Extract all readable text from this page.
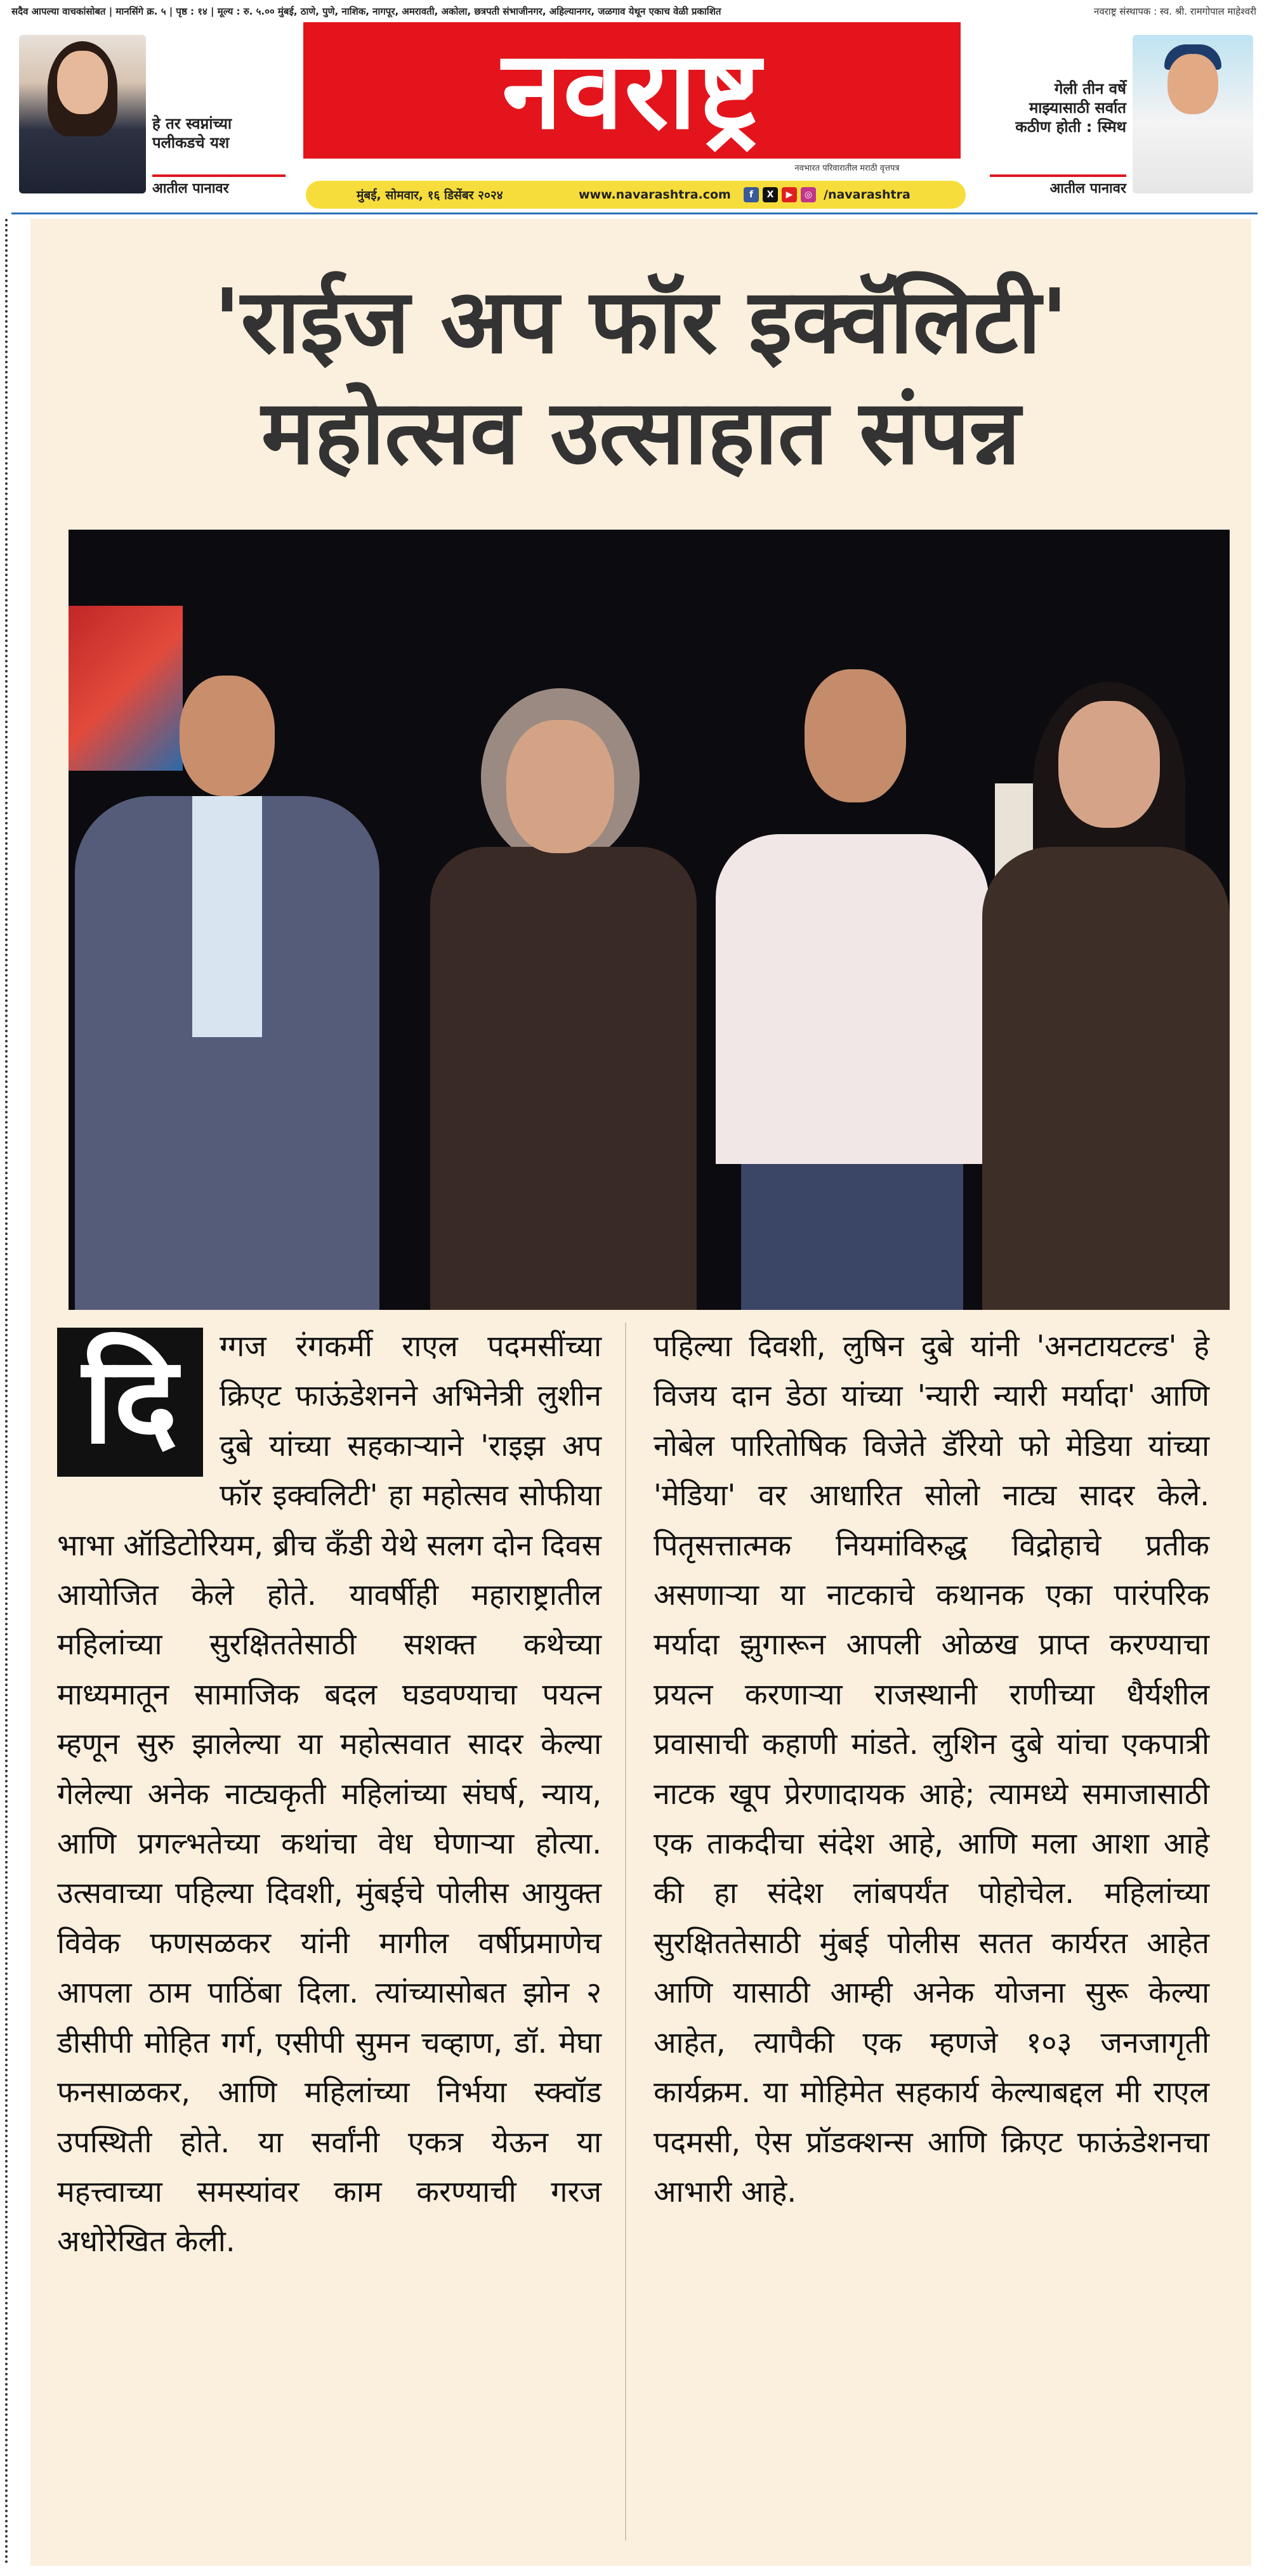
सदैव आपल्या वाचकांसोबत | मानसिंगे क्र. ५ | पृष्ठ : १४ | मूल्य : रु. ५.०० मुंबई, ठाणे, पुणे, नाशिक, नागपूर, अमरावती, अकोला, छत्रपती संभाजीनगर, अहिल्यानगर, जळगाव येथून एकाच वेळी प्रकाशित	नवराष्ट्र संस्थापक : स्व. श्री. रामगोपाल माहेश्वरी
हे तर स्वप्नांच्या पलीकडचे यश
आतील पानावर
नवराष्ट्र
नवभारत परिवारातील मराठी वृत्तपत्र
मुंबई, सोमवार, १६ डिसेंबर २०२४	www.navarashtra.com	f	X	▶	◎ /navarashtra
गेली तीन वर्षे माझ्यासाठी सर्वात कठीण होती : स्मिथ
आतील पानावर
'राईज अप फॉर इक्वॅलिटी'
महोत्सव उत्साहात संपन्न
दि	ग्गज रंगकर्मी राएल पदमसींच्या क्रिएट फाऊंडेशनने अभिनेत्री लुशीन दुबे यांच्या सहकाऱ्याने 'राइझ अप फॉर इक्वलिटी' हा महोत्सव सोफीया भाभा ऑडिटोरियम, ब्रीच कँडी येथे सलग दोन दिवस आयोजित केले होते. यावर्षीही महाराष्ट्रातील महिलांच्या सुरक्षिततेसाठी सशक्त कथेच्या माध्यमातून सामाजिक बदल घडवण्याचा पयत्न म्हणून सुरु झालेल्या या महोत्सवात सादर केल्या गेलेल्या अनेक नाट्यकृती महिलांच्या संघर्ष, न्याय, आणि प्रगल्भतेच्या कथांचा वेध घेणाऱ्या होत्या. उत्सवाच्या पहिल्या दिवशी, मुंबईचे पोलीस आयुक्त विवेक फणसळकर यांनी मागील वर्षीप्रमाणेच आपला ठाम पाठिंबा दिला. त्यांच्यासोबत झोन २ डीसीपी मोहित गर्ग, एसीपी सुमन चव्हाण, डॉ. मेघा फनसाळकर, आणि महिलांच्या निर्भया स्क्वॉड उपस्थिती होते. या सर्वांनी एकत्र येऊन या महत्त्वाच्या समस्यांवर काम करण्याची गरज अधोरेखित केली.
पहिल्या दिवशी, लुषिन दुबे यांनी 'अनटायटल्ड' हे विजय दान डेठा यांच्या 'न्यारी न्यारी मर्यादा' आणि नोबेल पारितोषिक विजेते डॅरियो फो मेडिया यांच्या 'मेडिया' वर आधारित सोलो नाट्य सादर केले. पितृसत्तात्मक नियमांविरुद्ध विद्रोहाचे प्रतीक असणाऱ्या या नाटकाचे कथानक एका पारंपरिक मर्यादा झुगारून आपली ओळख प्राप्त करण्याचा प्रयत्न करणाऱ्या राजस्थानी राणीच्या धैर्यशील प्रवासाची कहाणी मांडते. लुशिन दुबे यांचा एकपात्री नाटक खूप प्रेरणादायक आहे; त्यामध्ये समाजासाठी एक ताकदीचा संदेश आहे, आणि मला आशा आहे की हा संदेश लांबपर्यंत पोहोचेल. महिलांच्या सुरक्षिततेसाठी मुंबई पोलीस सतत कार्यरत आहेत आणि यासाठी आम्ही अनेक योजना सुरू केल्या आहेत, त्यापैकी एक म्हणजे १०३ जनजागृती कार्यक्रम. या मोहिमेत सहकार्य केल्याबद्दल मी राएल पदमसी, ऐस प्रॉडक्शन्स आणि क्रिएट फाऊंडेशनचा आभारी आहे.
